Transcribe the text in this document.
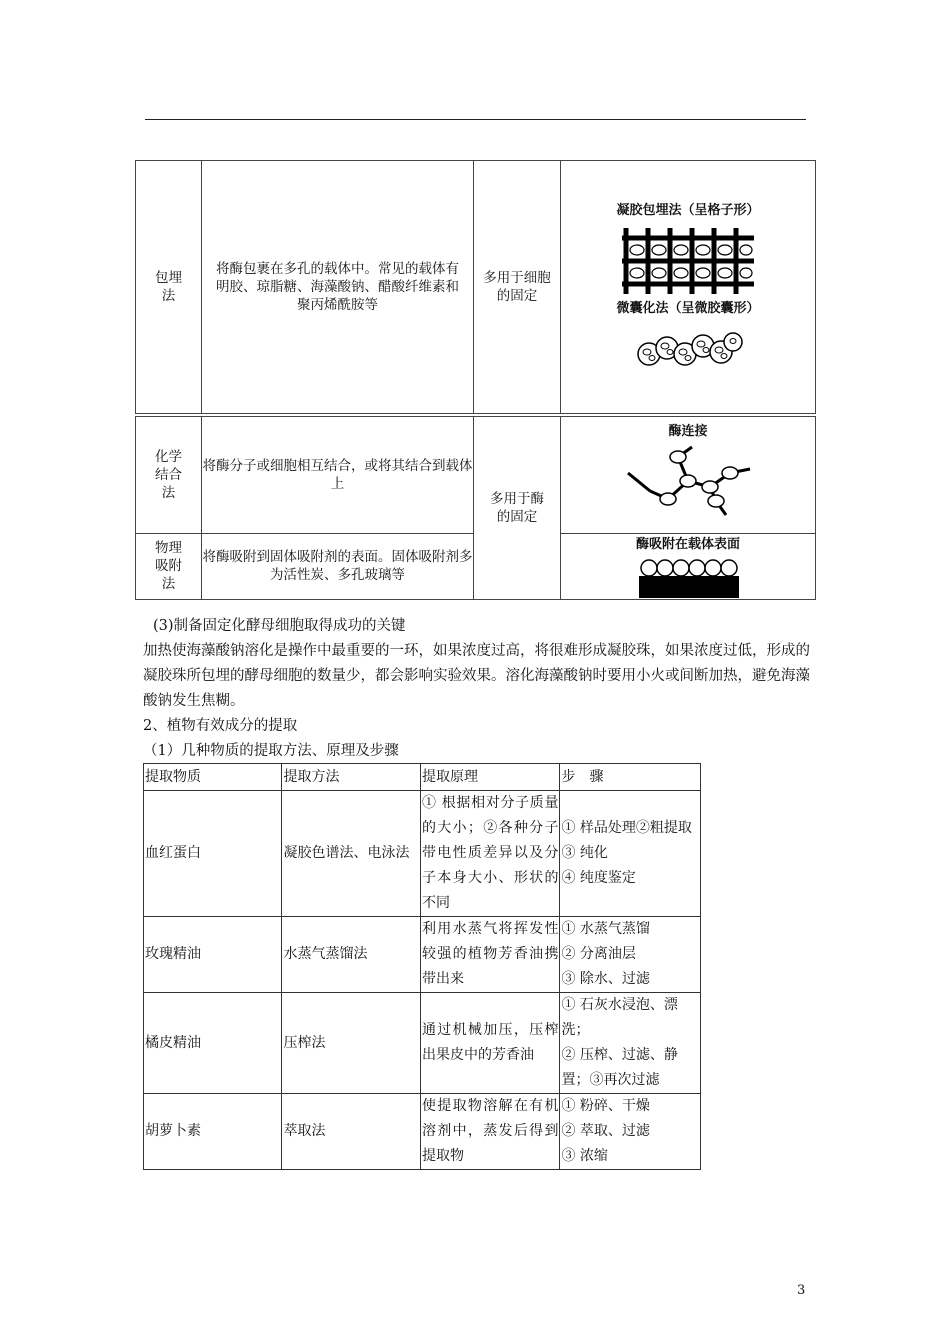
包埋法	将酶包裹在多孔的载体中。常见的载体有明胶、琼脂糖、海藻酸钠、醋酸纤维素和聚丙烯酰胺等	多用于细胞的固定	
凝胶包埋法（呈格子形）
微囊化法（呈微胶囊形）
化学结合法	将酶分子或细胞相互结合，或将其结合到载体上	多用于酶的固定	酶连接

物理吸附法	将酶吸附到固体吸附剂的表面。固体吸附剂多为活性炭、多孔玻璃等		酶吸附在载体表面

(3)制备固定化酵母细胞取得成功的关键

加热使海藻酸钠溶化是操作中最重要的一环，如果浓度过高，将很难形成凝胶珠，如果浓度过低，形成的凝胶珠所包埋的酵母细胞的数量少，都会影响实验效果。溶化海藻酸钠时要用小火或间断加热，避免海藻酸钠发生焦糊。

2、植物有效成分的提取

（1）几种物质的提取方法、原理及步骤

提取物质	提取方法	提取原理	步　骤
血红蛋白	凝胶色谱法、电泳法	① 根据相对分子质量的大小；②各种分子带电性质差异以及分子本身大小、形状的不同	① 样品处理②粗提取
③ 纯化
④ 纯度鉴定

玫瑰精油	水蒸气蒸馏法	利用水蒸气将挥发性较强的植物芳香油携带出来	① 水蒸气蒸馏
② 分离油层
③ 除水、过滤

橘皮精油	压榨法	通过机械加压，压榨出果皮中的芳香油	① 石灰水浸泡、漂洗；
② 压榨、过滤、静置；③再次过滤

胡萝卜素	萃取法	使提取物溶解在有机溶剂中，蒸发后得到提取物	① 粉碎、干燥
② 萃取、过滤
③ 浓缩
3
